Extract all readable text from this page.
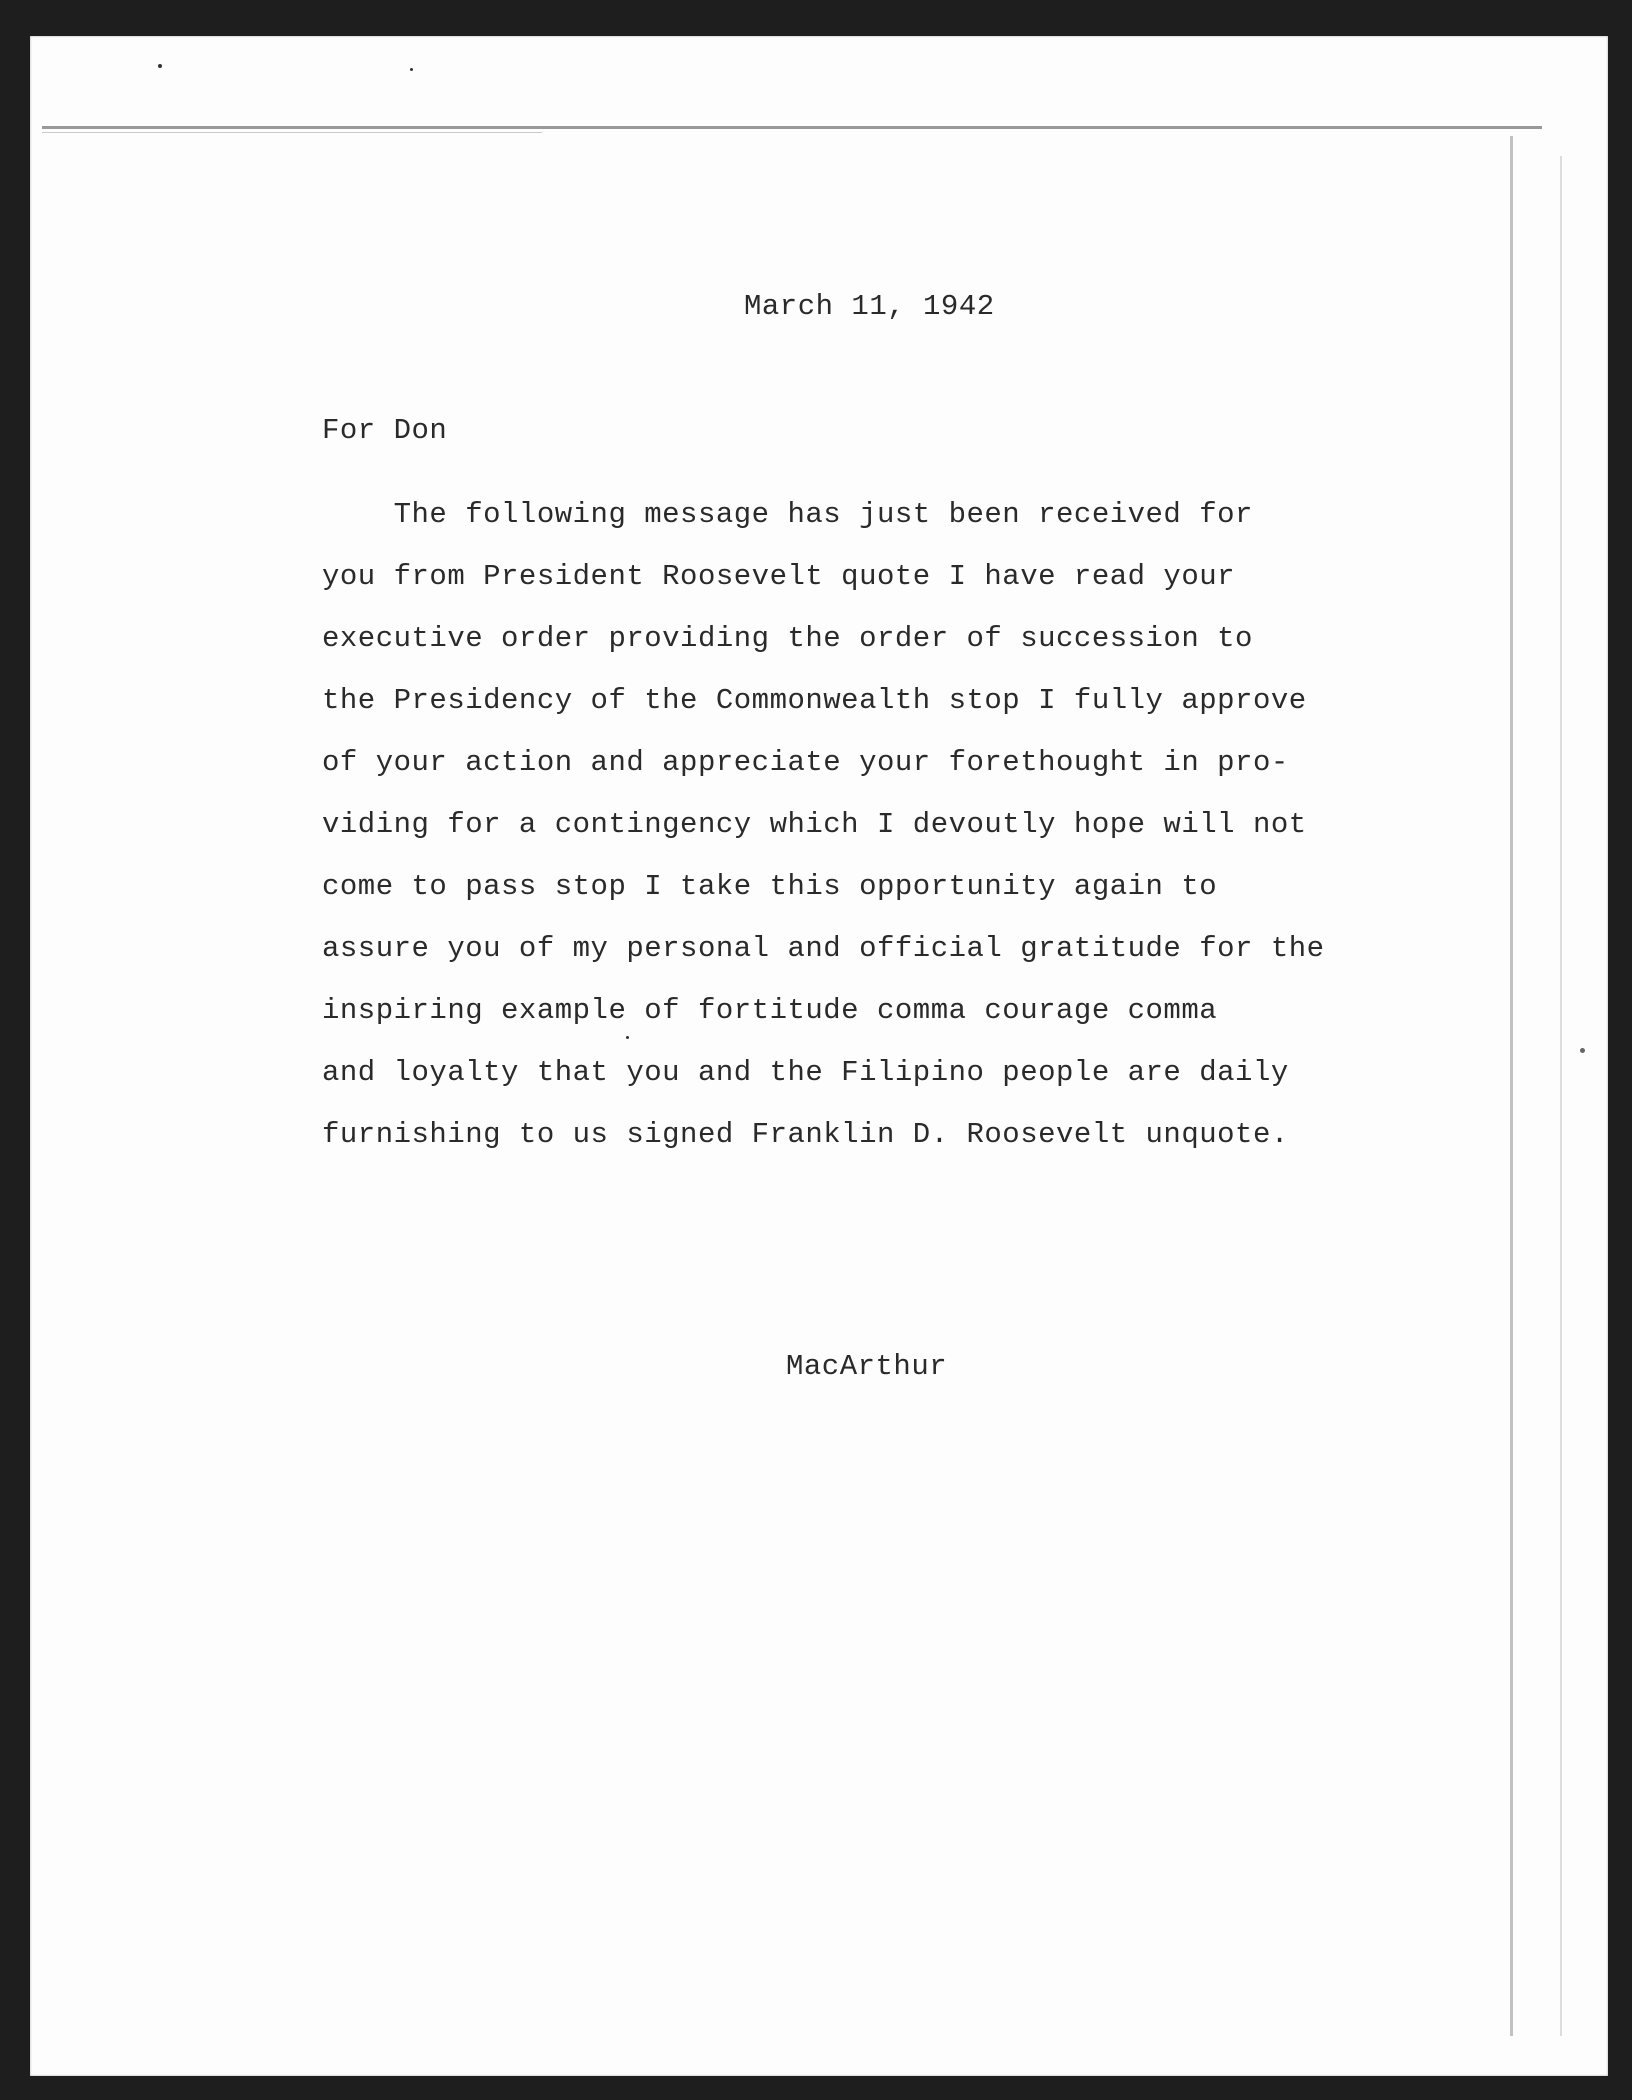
March 11, 1942
For Don
The following message has just been received for
you from President Roosevelt quote I have read your
executive order providing the order of succession to
the Presidency of the Commonwealth stop I fully approve
of your action and appreciate your forethought in pro-
viding for a contingency which I devoutly hope will not
come to pass stop I take this opportunity again to
assure you of my personal and official gratitude for the
inspiring example of fortitude comma courage comma
and loyalty that you and the Filipino people are daily
furnishing to us signed Franklin D. Roosevelt unquote.
MacArthur
